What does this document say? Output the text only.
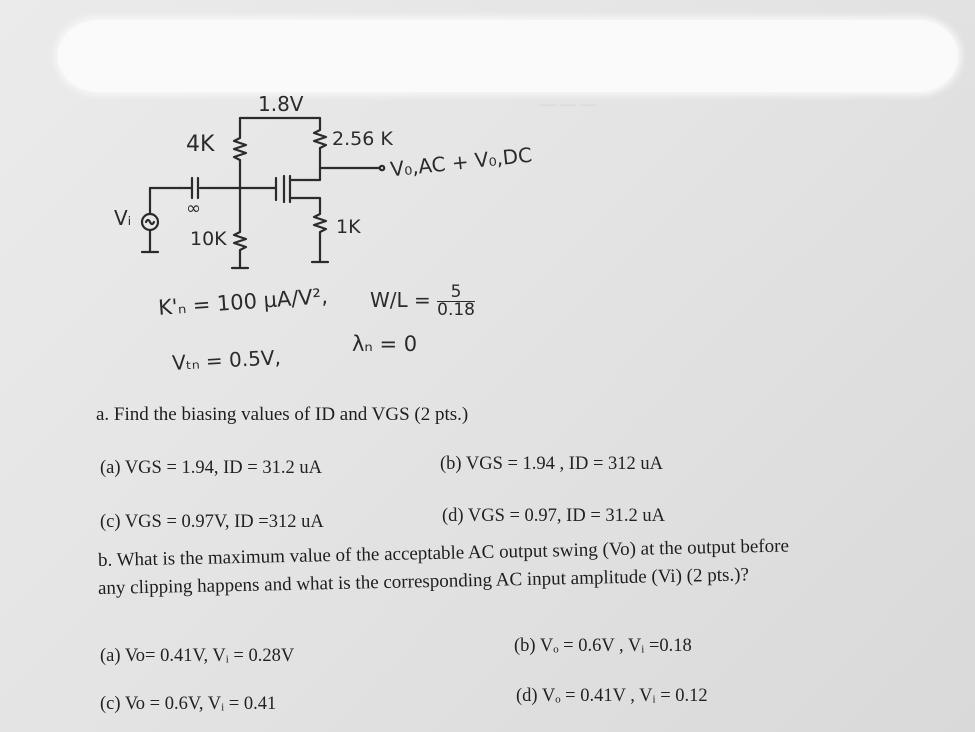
— — —
1.8V
4K	2.56 K
V₀,AC + V₀,DC
Vᵢ	∞
10K
1K
K'ₙ = 100 μA/V², $W/L = \frac{5}{0.18}$
Vₜₙ = 0.5V,
λₙ = 0
a. Find the biasing values of ID and VGS (2 pts.)
(a) VGS = 1.94, ID = 31.2 uA	(b) VGS = 1.94 , ID = 312 uA
(c) VGS = 0.97V, ID =312 uA	(d) VGS = 0.97, ID = 31.2 uA
b. What is the maximum value of the acceptable AC output swing (Vo) at the output before
any clipping happens and what is the corresponding AC input amplitude (Vi) (2 pts.)?
(a) Vo= 0.41V, Vᵢ = 0.28V	(b) Vₒ = 0.6V , Vᵢ =0.18
(c) Vo = 0.6V, Vᵢ = 0.41	(d) Vₒ = 0.41V , Vᵢ = 0.12
